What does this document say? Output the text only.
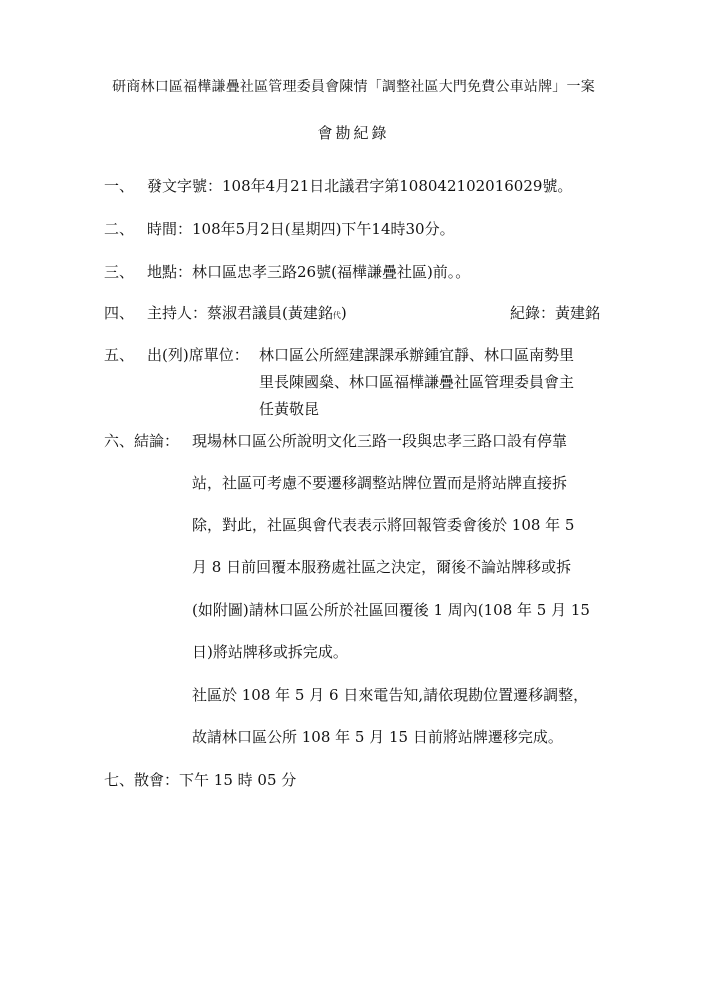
研商林口區福樺謙疊社區管理委員會陳情「調整社區大門免費公車站牌」一案
會勘紀錄
一、 發文字號：108年4月21日北議君字第108042102016029號。
二、 時間：108年5月2日(星期四)下午14時30分。
三、 地點：林口區忠孝三路26號(福樺謙疊社區)前。。
四、 主持人：蔡淑君議員(黃建銘代)	紀錄：黃建銘
五、 出(列)席單位： 林口區公所經建課課承辦鍾宜靜、林口區南勢里
里長陳國燊、林口區福樺謙疊社區管理委員會主
任黃敬昆
六、結論： 現場林口區公所說明文化三路一段與忠孝三路口設有停靠
站，社區可考慮不要遷移調整站牌位置而是將站牌直接拆
除，對此，社區與會代表表示將回報管委會後於 108 年 5
月 8 日前回覆本服務處社區之決定，爾後不論站牌移或拆
(如附圖)請林口區公所於社區回覆後 1 周內(108 年 5 月 15
日)將站牌移或拆完成。
社區於 108 年 5 月 6 日來電告知,請依現勘位置遷移調整，
故請林口區公所 108 年 5 月 15 日前將站牌遷移完成。
七、散會：下午 15 時 05 分
